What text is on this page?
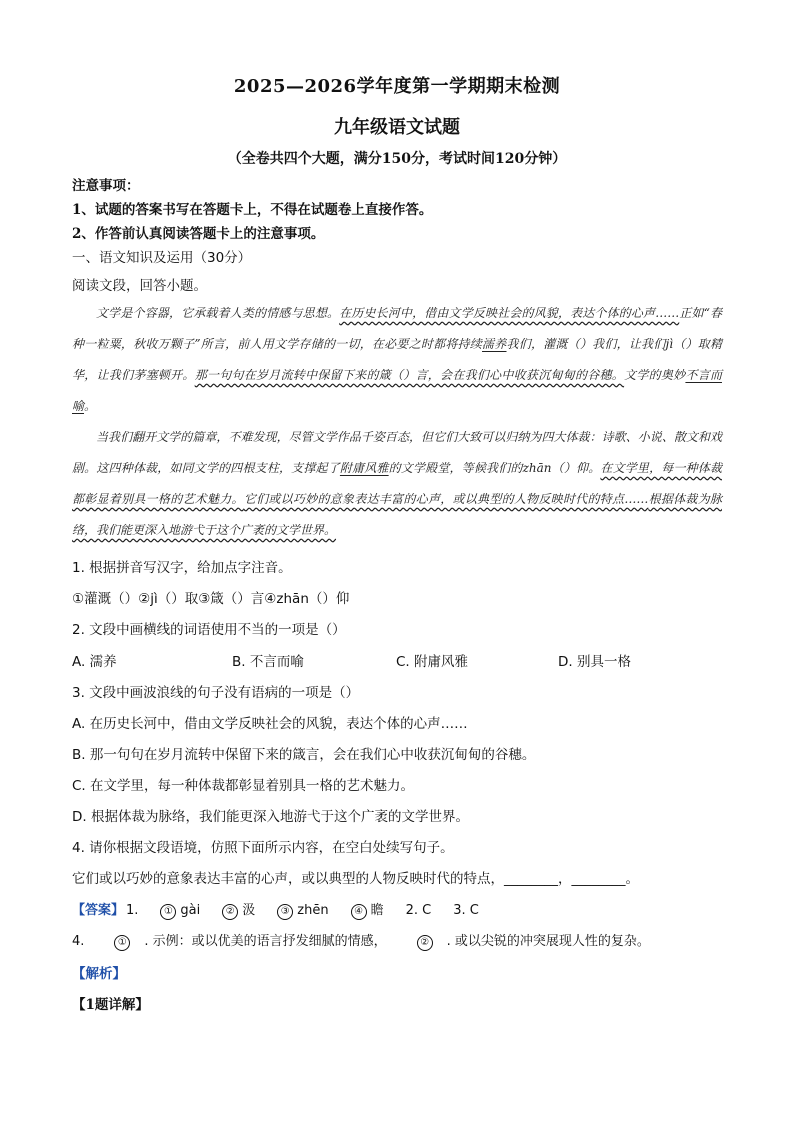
2025—2026学年度第一学期期末检测
九年级语文试题
（全卷共四个大题，满分150分，考试时间120分钟）
注意事项：
1、试题的答案书写在答题卡上，不得在试题卷上直接作答。
2、作答前认真阅读答题卡上的注意事项。
一、语文知识及运用（30分）
阅读文段，回答小题。

文学是个容器，它承载着人类的情感与思想。在历史长河中，借由文学反映社会的风貌，表达个体的心声……正如“春种一粒粟，秋收万颗子”所言，前人用文学存储的一切，在必要之时都将持续濡养我们，灌溉（）我们，让我们jì（）取精华，让我们茅塞顿开。那一句句在岁月流转中保留下来的箴（）言，会在我们心中收获沉甸甸的谷穗。文学的奥妙不言而喻。

当我们翻开文学的篇章，不难发现，尽管文学作品千姿百态，但它们大致可以归纳为四大体裁：诗歌、小说、散文和戏剧。这四种体裁，如同文学的四根支柱，支撑起了附庸风雅的文学殿堂，等候我们的zhān（）仰。在文学里，每一种体裁都彰显着别具一格的艺术魅力。它们或以巧妙的意象表达丰富的心声，或以典型的人物反映时代的特点……根据体裁为脉络，我们能更深入地游弋于这个广袤的文学世界。

1. 根据拼音写汉字，给加点字注音。
①灌溉（）②jì（）取③箴（）言④zhān（）仰
2. 文段中画横线的词语使用不当的一项是（）
A. 濡养	B. 不言而喻	C. 附庸风雅	D. 别具一格
3. 文段中画波浪线的句子没有语病的一项是（）
A. 在历史长河中，借由文学反映社会的风貌，表达个体的心声……
B. 那一句句在岁月流转中保留下来的箴言，会在我们心中收获沉甸甸的谷穗。
C. 在文学里，每一种体裁都彰显着别具一格的艺术魅力。
D. 根据体裁为脉络，我们能更深入地游弋于这个广袤的文学世界。
4. 请你根据文段语境，仿照下面所示内容，在空白处续写句子。
它们或以巧妙的意象表达丰富的心声，或以典型的人物反映时代的特点，________，________。
【答案】 1.	① gài	② 汲	③ zhēn	④ 瞻 2. C 3. C
4.	① . 示例：或以优美的语言抒发细腻的情感，	② . 或以尖锐的冲突展现人性的复杂。
【解析】
【1题详解】
